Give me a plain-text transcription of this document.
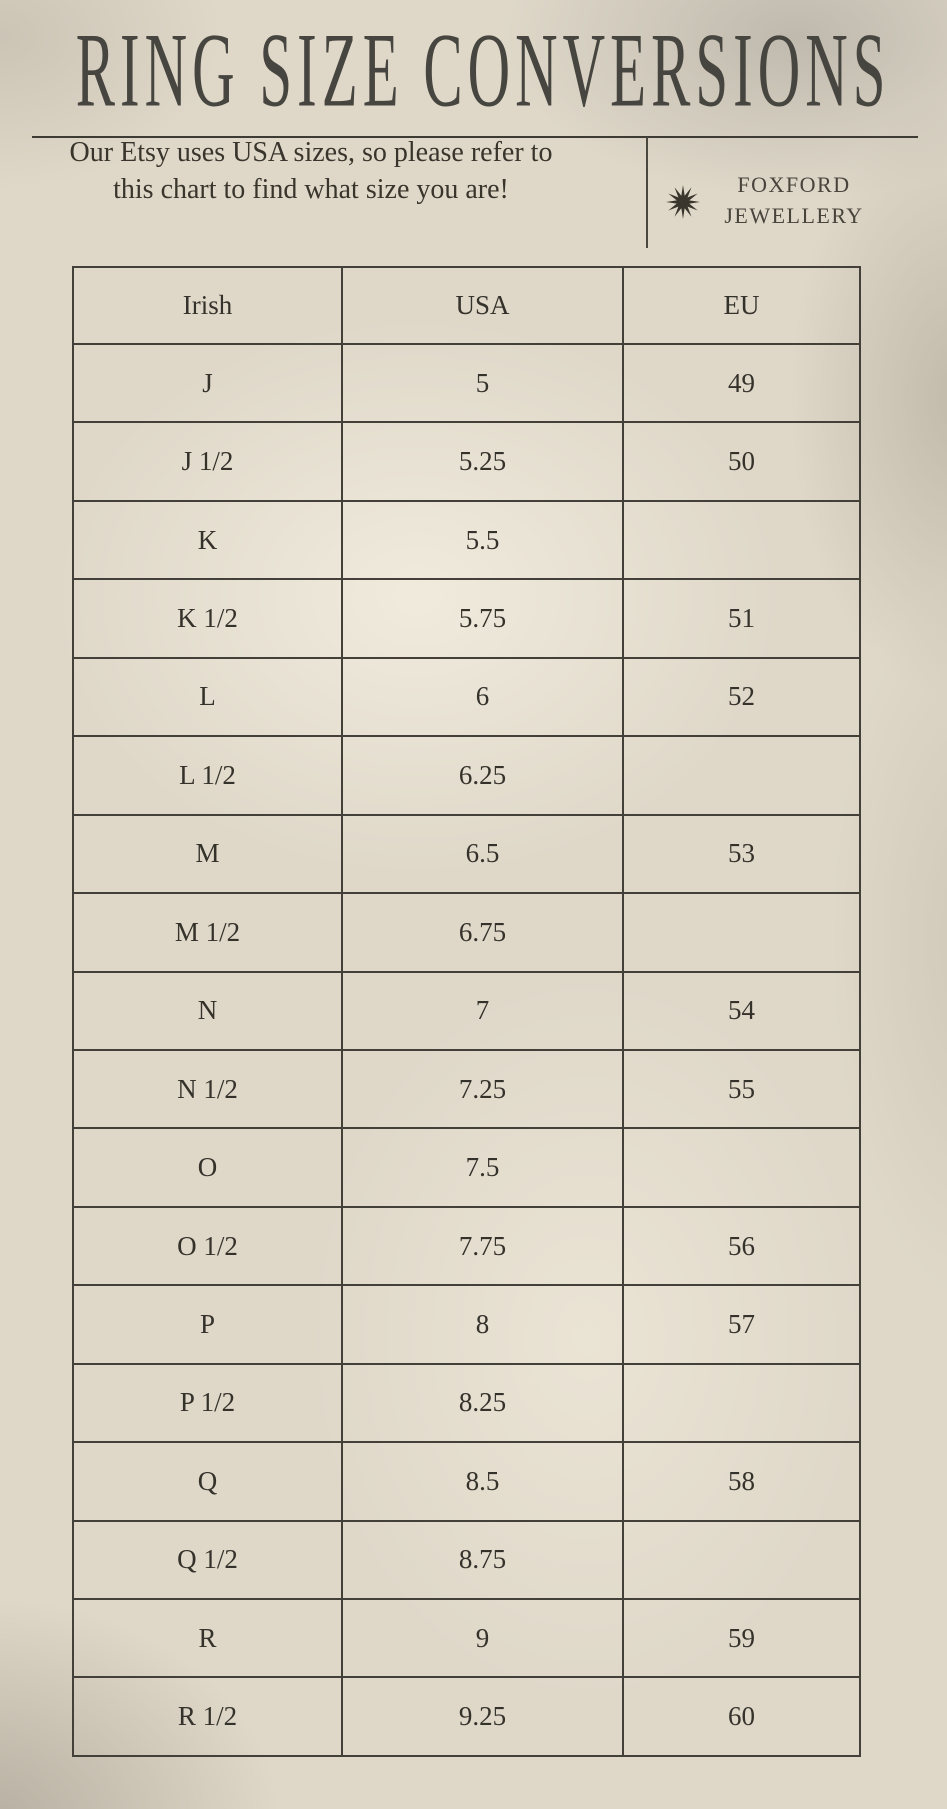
RING SIZE CONVERSIONS
Our Etsy uses USA sizes, so please refer to
this chart to find what size you are!	FOXFORD
JEWELLERY
Irish	USA	EU
J	5	49
J 1/2	5.25	50
K	5.5	
K 1/2	5.75	51
L	6	52
L 1/2	6.25	
M	6.5	53
M 1/2	6.75	
N	7	54
N 1/2	7.25	55
O	7.5	
O 1/2	7.75	56
P	8	57
P 1/2	8.25	
Q	8.5	58
Q 1/2	8.75	
R	9	59
R 1/2	9.25	60
